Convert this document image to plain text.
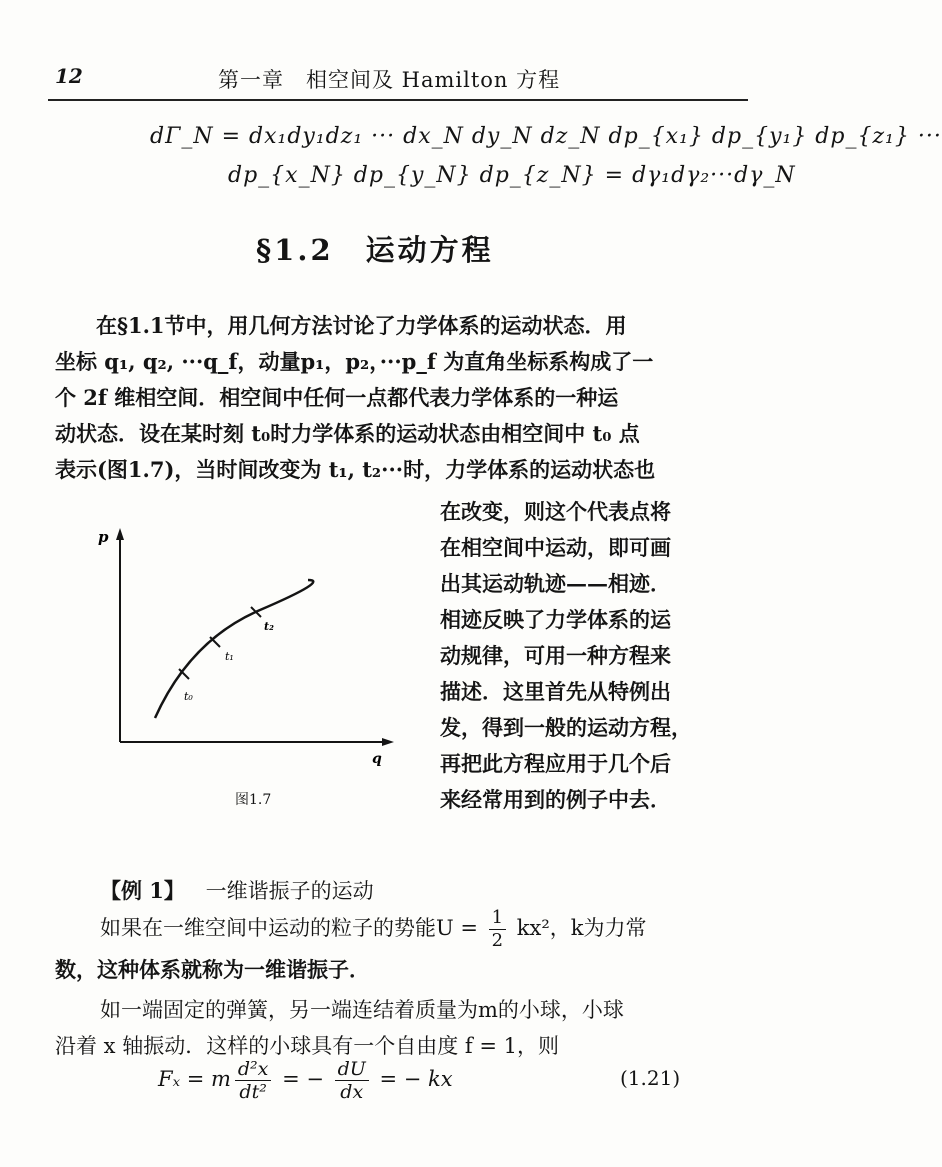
12	第一章　相空间及 Hamilton 方程
dΓ_N = dx₁dy₁dz₁ ··· dx_N dy_N dz_N dp_{x₁} dp_{y₁} dp_{z₁} ···
dp_{x_N} dp_{y_N} dp_{z_N} = dγ₁dγ₂···dγ_N
§1.2　运动方程
在§1.1节中，用几何方法讨论了力学体系的运动状态．用
坐标 q₁, q₂, ···q_f，动量p₁，p₂，···p_f 为直角坐标系构成了一
个 2f 维相空间．相空间中任何一点都代表力学体系的一种运
动状态．设在某时刻 t₀时力学体系的运动状态由相空间中 t₀ 点
表示(图1.7)，当时间改变为 t₁, t₂···时，力学体系的运动状态也
在改变，则这个代表点将
在相空间中运动，即可画
出其运动轨迹——相迹．
相迹反映了力学体系的运
动规律，可用一种方程来
描述．这里首先从特例出
发，得到一般的运动方程，
再把此方程应用于几个后
来经常用到的例子中去．
p
q
t₀
t₁
t₂
图1.7
【例 1】 一维谐振子的运动
如果在一维空间中运动的粒子的势能$U = \frac{1}{2} kx^2$，k为力常
数，这种体系就称为一维谐振子．
如一端固定的弹簧，另一端连结着质量为m的小球，小球
沿着 x 轴振动．这样的小球具有一个自由度 f = 1，则
Fₓ = m $\frac{\text{d²x}}{\text{dt²}}$ = − $\frac{dU}{dx}$ = − kx	(1.21)
